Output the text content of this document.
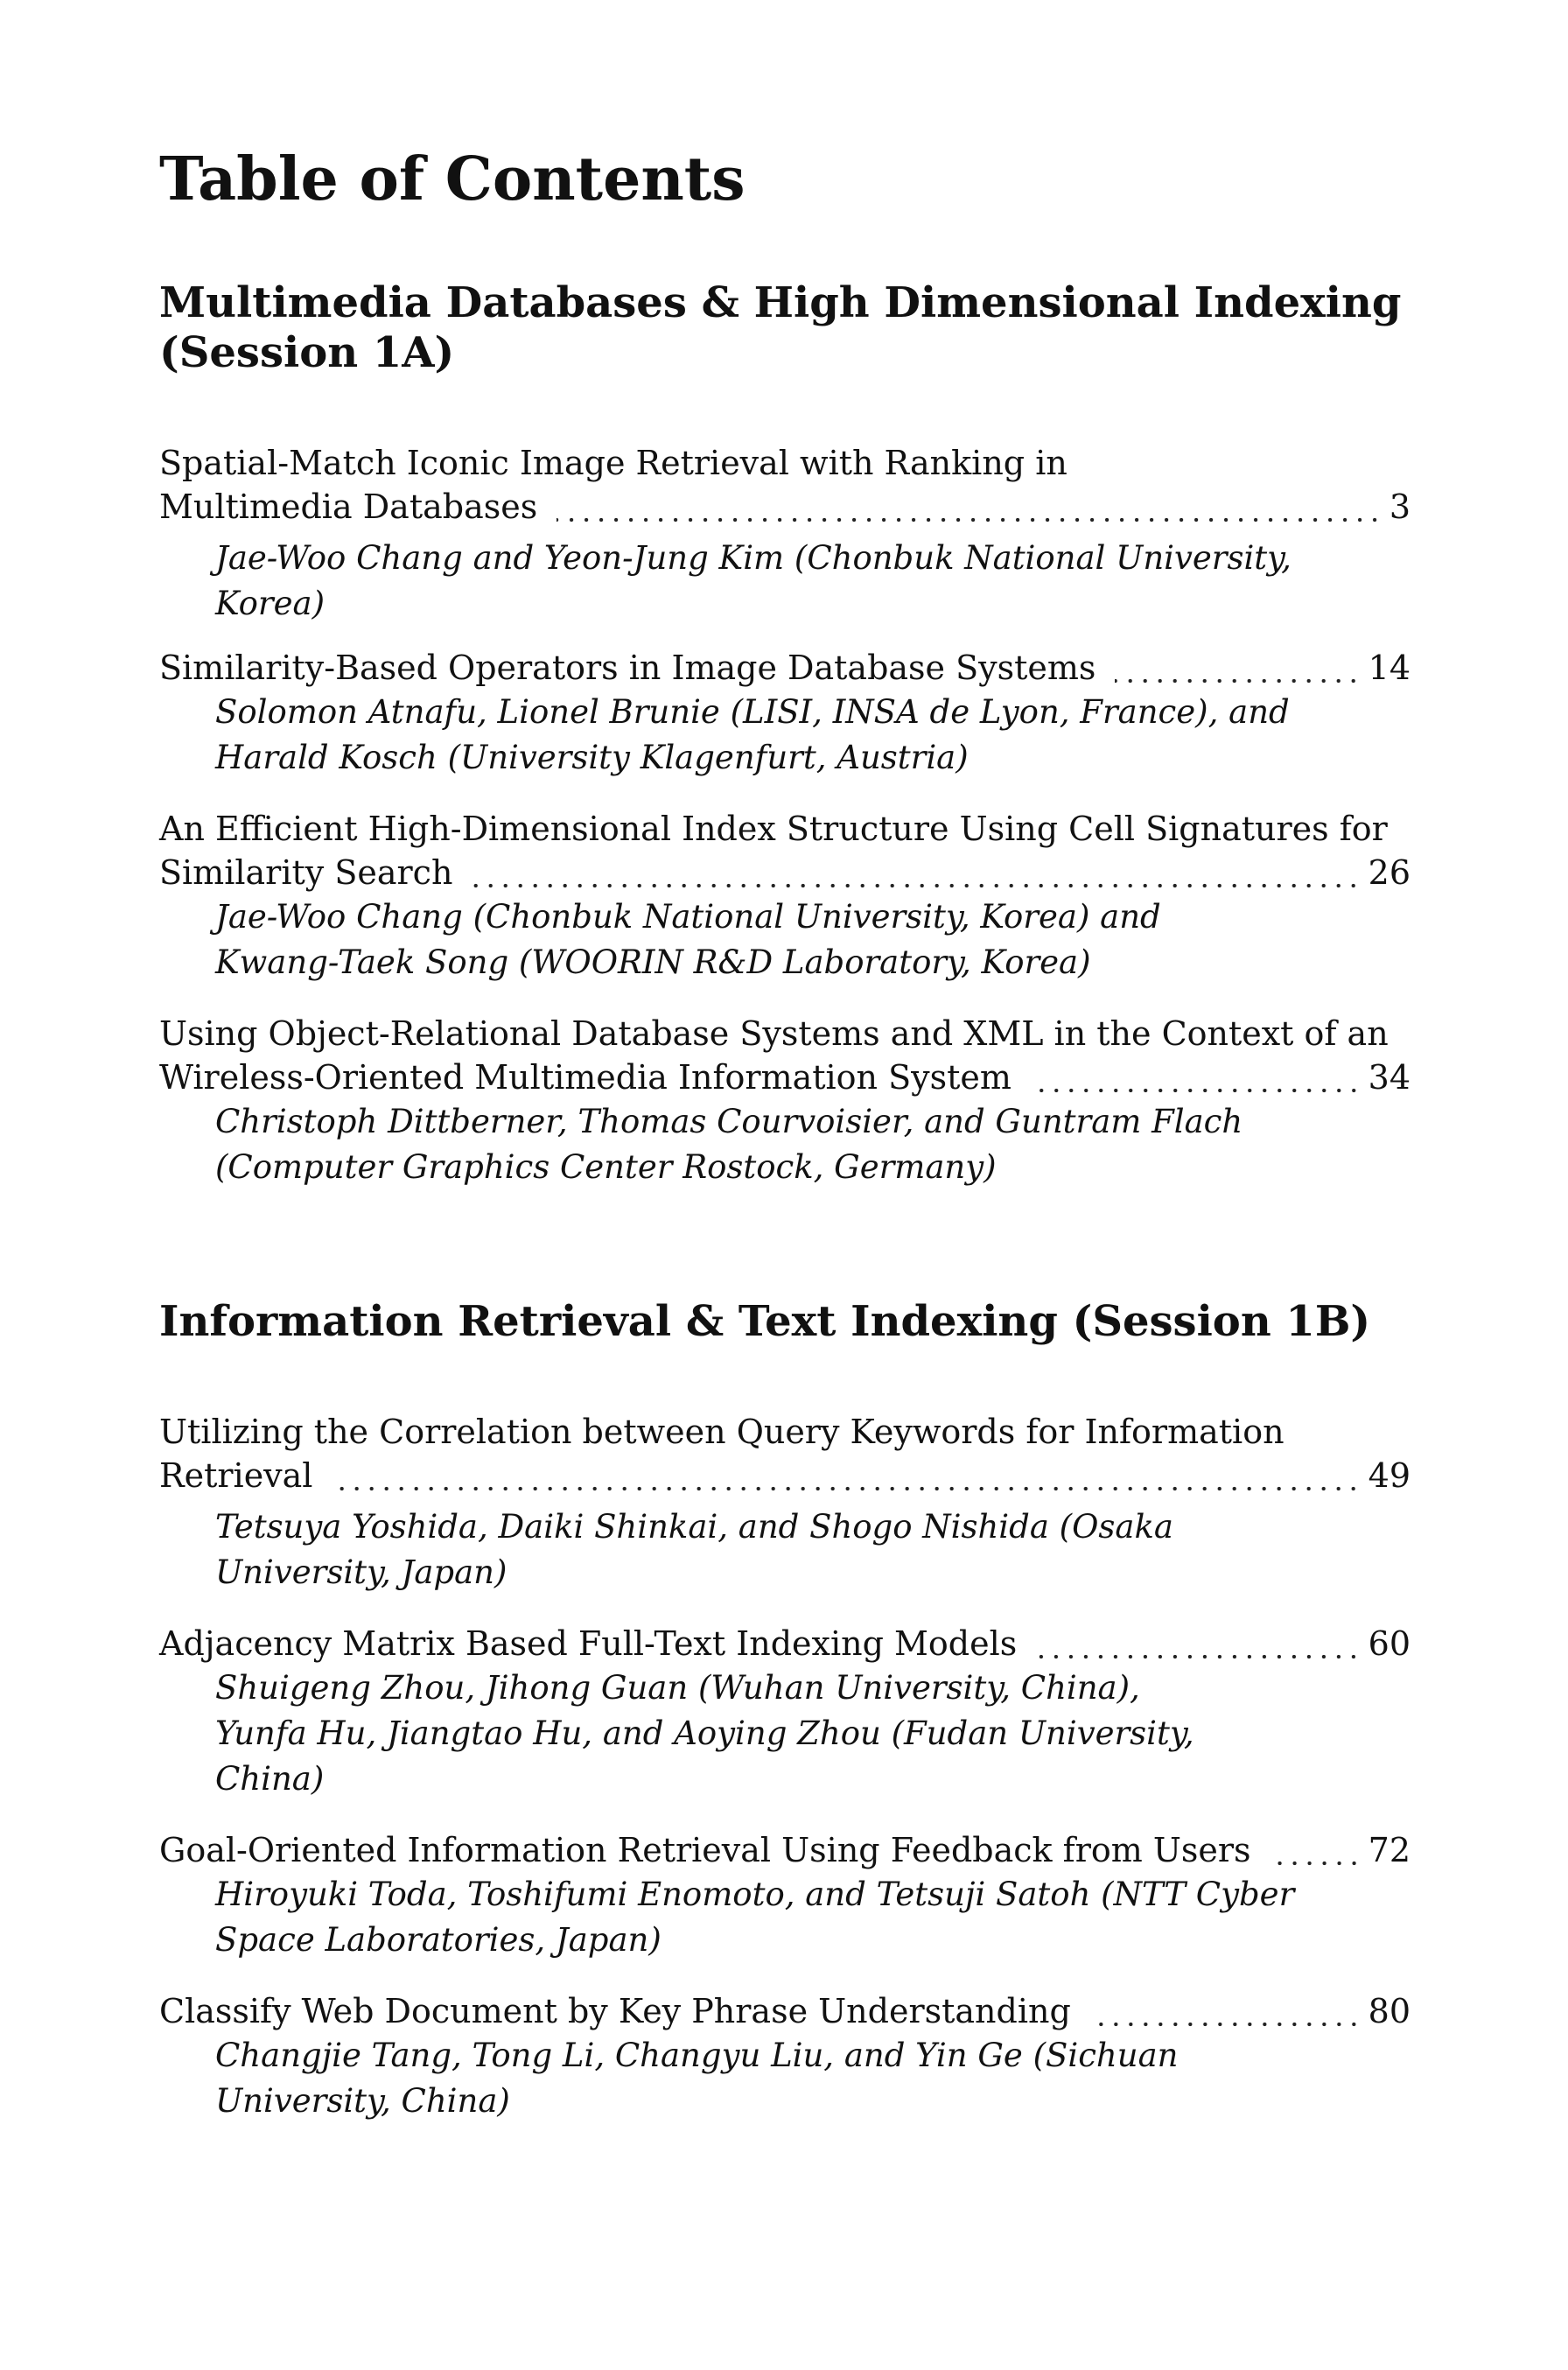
Table of Contents
Multimedia Databases & High Dimensional Indexing
(Session 1A)
Spatial-Match Iconic Image Retrieval with Ranking in
Multimedia Databases	3
Jae-Woo Chang and Yeon-Jung Kim (Chonbuk National University,
Korea)
Similarity-Based Operators in Image Database Systems	14
Solomon Atnafu, Lionel Brunie (LISI, INSA de Lyon, France), and
Harald Kosch (University Klagenfurt, Austria)
An Efficient High-Dimensional Index Structure Using Cell Signatures for
Similarity Search	26
Jae-Woo Chang (Chonbuk National University, Korea) and
Kwang-Taek Song (WOORIN R&D Laboratory, Korea)
Using Object-Relational Database Systems and XML in the Context of an
Wireless-Oriented Multimedia Information System	34
Christoph Dittberner, Thomas Courvoisier, and Guntram Flach
(Computer Graphics Center Rostock, Germany)
Information Retrieval & Text Indexing (Session 1B)
Utilizing the Correlation between Query Keywords for Information
Retrieval	49
Tetsuya Yoshida, Daiki Shinkai, and Shogo Nishida (Osaka
University, Japan)
Adjacency Matrix Based Full-Text Indexing Models	60
Shuigeng Zhou, Jihong Guan (Wuhan University, China),
Yunfa Hu, Jiangtao Hu, and Aoying Zhou (Fudan University,
China)
Goal-Oriented Information Retrieval Using Feedback from Users	72
Hiroyuki Toda, Toshifumi Enomoto, and Tetsuji Satoh (NTT Cyber
Space Laboratories, Japan)
Classify Web Document by Key Phrase Understanding	80
Changjie Tang, Tong Li, Changyu Liu, and Yin Ge (Sichuan
University, China)
